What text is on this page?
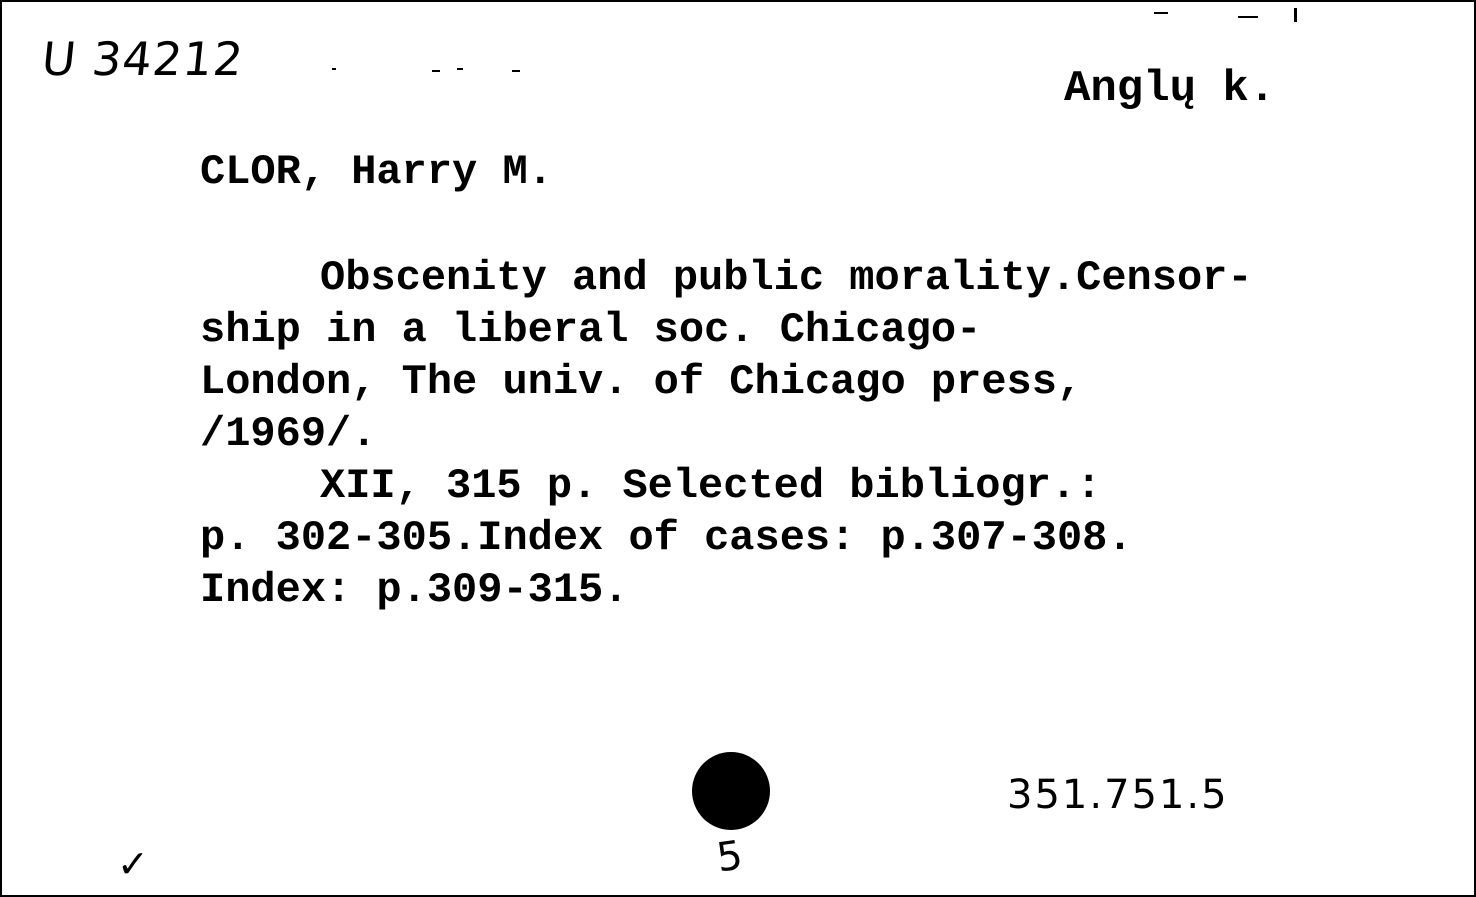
U 34212
Anglų k.
CLOR, Harry M.
Obscenity and public morality.Censor-
ship in a liberal soc. Chicago-
London, The univ. of Chicago press,
/1969/.
XII, 315 p. Selected bibliogr.:
p. 302-305.Index of cases: p.307-308.
Index: p.309-315.
351.751.5
5
✓
